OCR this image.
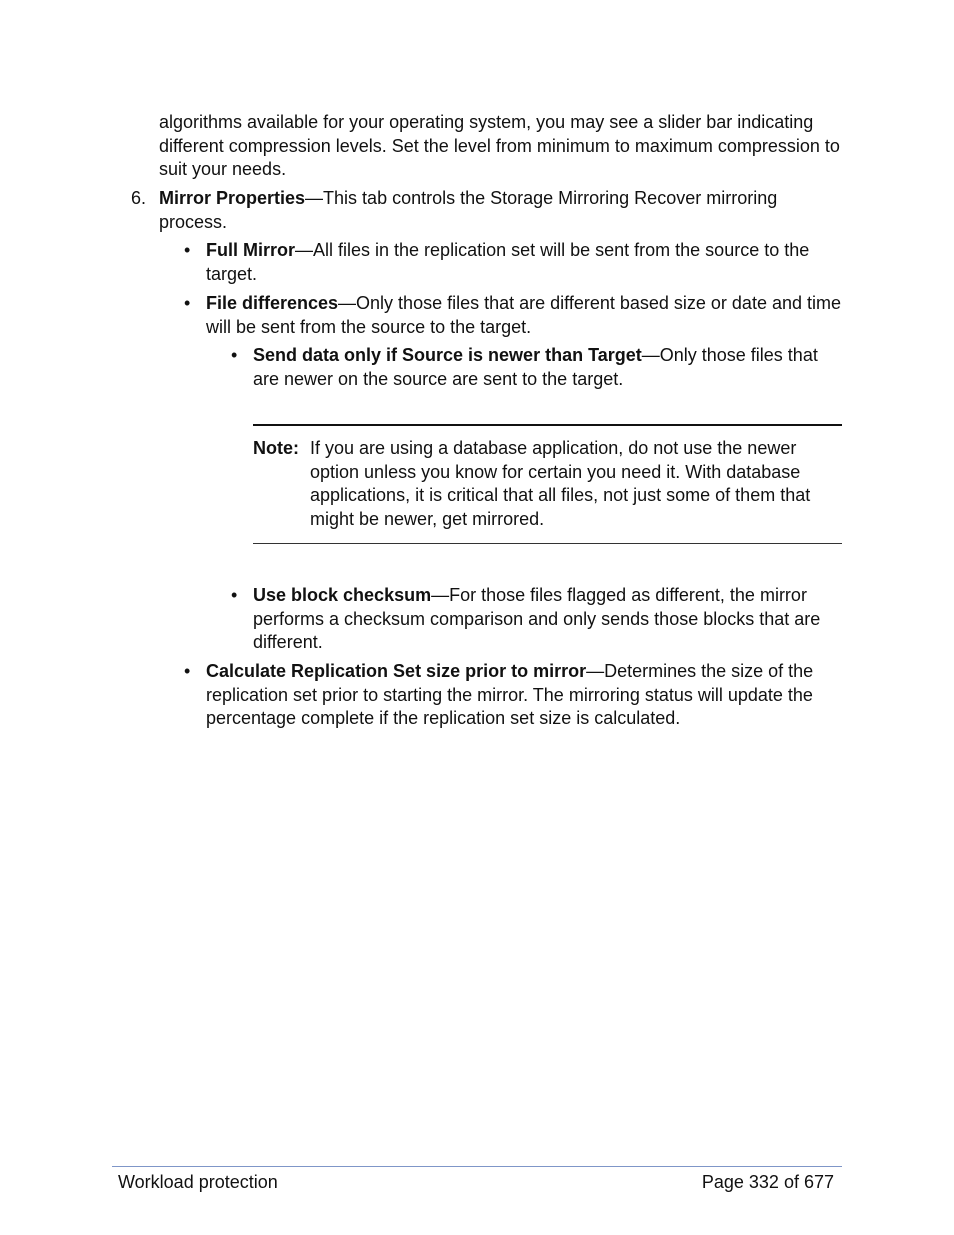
algorithms available for your operating system, you may see a slider bar indicating different compression levels. Set the level from minimum to maximum compression to suit your needs.

6. Mirror Properties—This tab controls the Storage Mirroring Recover mirroring process.
• Full Mirror—All files in the replication set will be sent from the source to the target.
• File differences—Only those files that are different based size or date and time will be sent from the source to the target.
• Send data only if Source is newer than Target—Only those files that are newer on the source are sent to the target.
Note: If you are using a database application, do not use the newer option unless you know for certain you need it. With database applications, it is critical that all files, not just some of them that might be newer, get mirrored.

• Use block checksum—For those files flagged as different, the mirror performs a checksum comparison and only sends those blocks that are different.
• Calculate Replication Set size prior to mirror—Determines the size of the replication set prior to starting the mirror. The mirroring status will update the percentage complete if the replication set size is calculated.
Workload protection	Page 332 of 677
